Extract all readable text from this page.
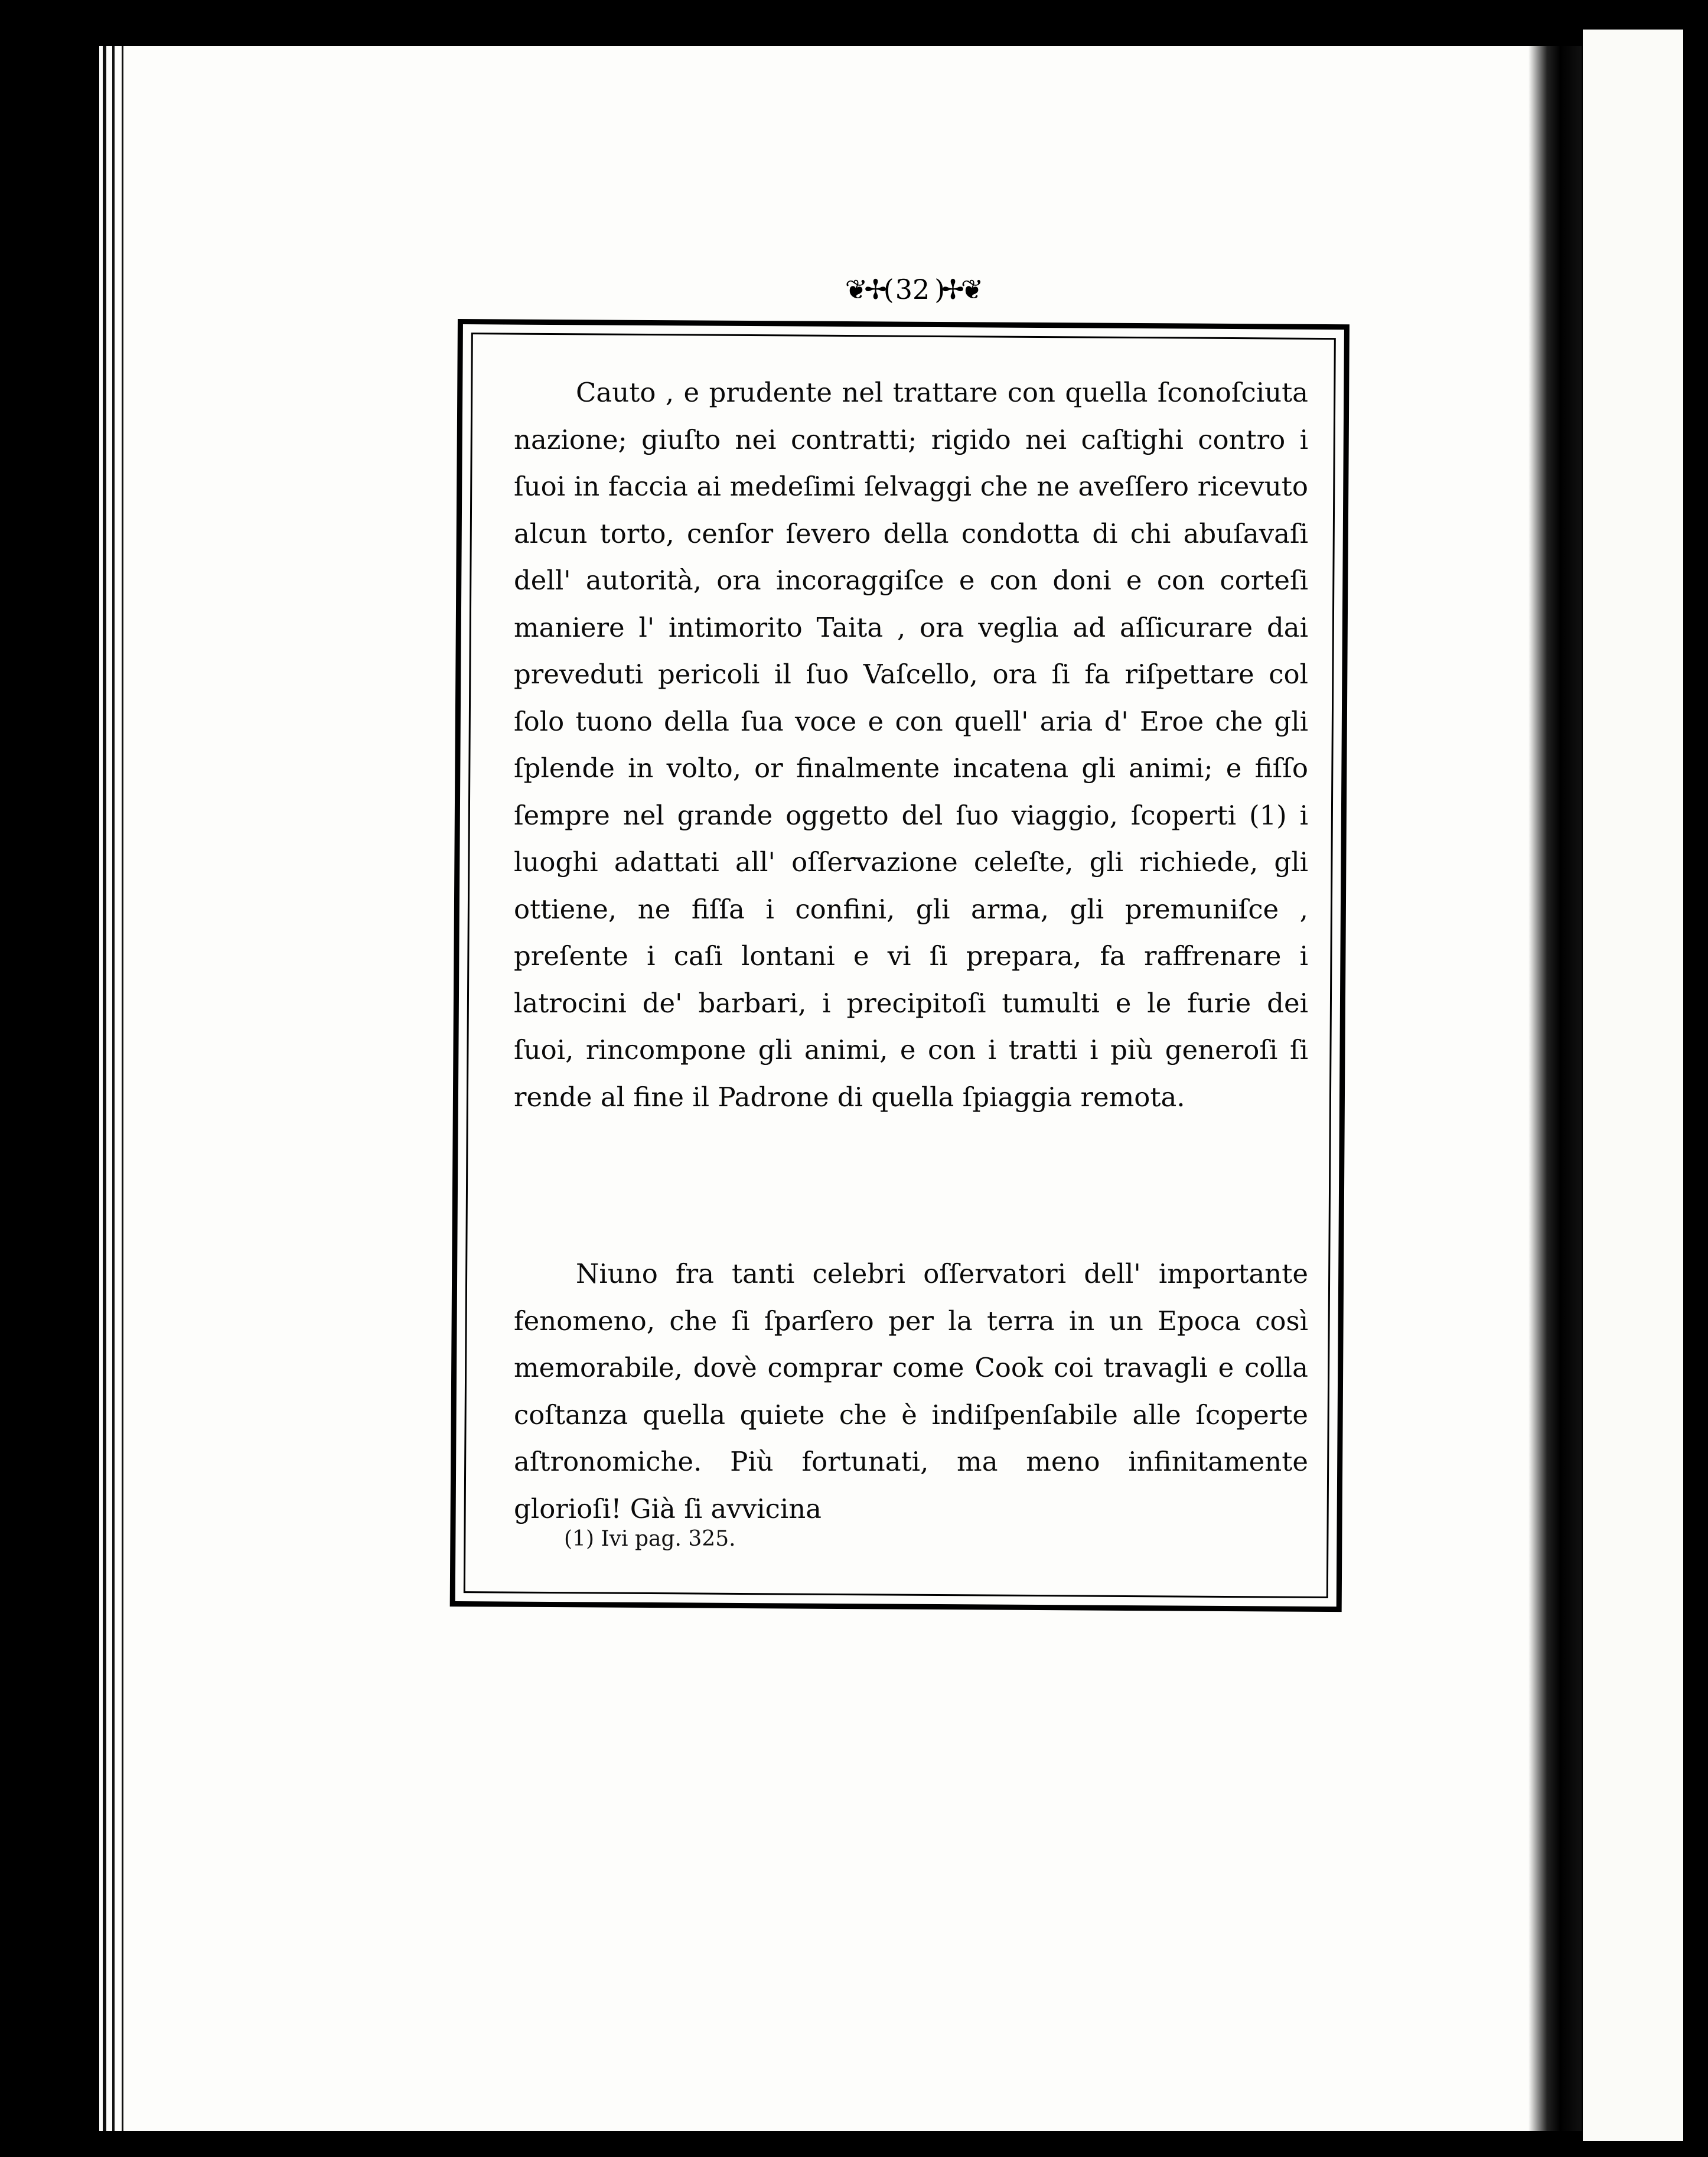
❦✢( 32 )✢❦

Cauto , e prudente nel trattare con quella ſconoſciuta nazione; giuſto nei contratti; rigido nei caſtighi contro i ſuoi in faccia ai medeſimi ſelvaggi che ne aveſſero ricevuto alcun torto, cenſor ſevero della condotta di chi abuſavaſi dell' autorità, ora incoraggiſce e con doni e con corteſi maniere l' intimorito Taita , ora veglia ad aſſicurare dai preveduti pericoli il ſuo Vaſcello, ora ſi fa riſpettare col ſolo tuono della ſua voce e con quell' aria d' Eroe che gli ſplende in volto, or finalmente incatena gli animi; e fiſſo ſempre nel grande oggetto del ſuo viaggio, ſcoperti (1) i luoghi adattati all' oſſervazione celeſte, gli richiede, gli ottiene, ne fiſſa i confini, gli arma, gli premuniſce , preſente i caſi lontani e vi ſi prepara, fa raffrenare i latrocini de' barbari, i precipitoſi tumulti e le furie dei ſuoi, rincompone gli animi, e con i tratti i più generoſi ſi rende al fine il Padrone di quella ſpiaggia remota.

Niuno fra tanti celebri oſſervatori dell' importante fenomeno, che ſi ſparſero per la terra in un Epoca così memorabile, dovè comprar come Cook coi travagli e colla coſtanza quella quiete che è indiſpenſabile alle ſcoperte aſtronomiche. Più fortunati, ma meno infinitamente glorioſi! Già ſi avvicina

(1) Ivi pag. 325.
